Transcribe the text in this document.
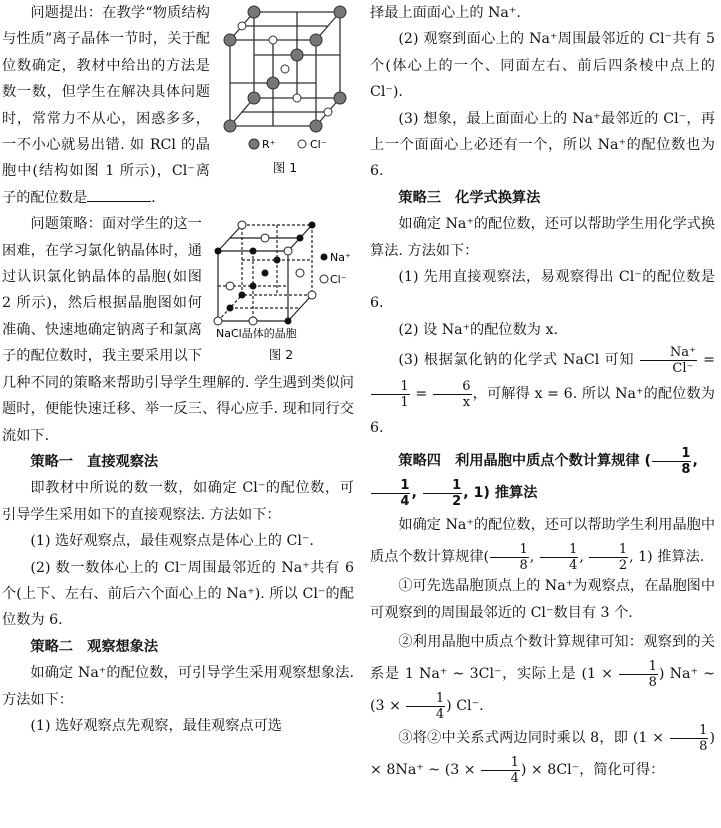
R⁺	Cl⁻
图 1

问题提出：在教学“物质结构与性质”离子晶体一节时，关于配位数确定，教材中给出的方法是数一数，但学生在解决具体问题时，常常力不从心，困惑多多，一不小心就易出错. 如 RCl 的晶胞中(结构如图 1 所示)，Cl⁻离子的配位数是	.

Na⁺
Cl⁻
NaCl晶体的晶胞
图 2

问题策略：面对学生的这一困难，在学习氯化钠晶体时，通过认识氯化钠晶体的晶胞(如图 2 所示)，然后根据晶胞图如何准确、快速地确定钠离子和氯离子的配位数时，我主要采用以下几种不同的策略来帮助引导学生理解的. 学生遇到类似问题时，便能快速迁移、举一反三、得心应手. 现和同行交流如下.

策略一　直接观察法

即教材中所说的数一数，如确定 Cl⁻的配位数，可引导学生采用如下的直接观察法. 方法如下：

(1) 选好观察点，最佳观察点是体心上的 Cl⁻.

(2) 数一数体心上的 Cl⁻周围最邻近的 Na⁺共有 6 个(上下、左右、前后六个面心上的 Na⁺). 所以 Cl⁻的配位数为 6.

策略二　观察想象法

如确定 Na⁺的配位数，可引导学生采用观察想象法. 方法如下：

(1) 选好观察点先观察，最佳观察点可选

择最上面面心上的 Na⁺.

(2) 观察到面心上的 Na⁺周围最邻近的 Cl⁻共有 5 个(体心上的一个、同面左右、前后四条棱中点上的 Cl⁻).

(3) 想象，最上面面心上的 Na⁺最邻近的 Cl⁻，再上一个面面心上必还有一个，所以 Na⁺的配位数也为 6.

策略三　化学式换算法

如确定 Na⁺的配位数，还可以帮助学生用化学式换算法. 方法如下：

(1) 先用直接观察法，易观察得出 Cl⁻的配位数是 6.

(2) 设 Na⁺的配位数为 x.

(3) 根据氯化钠的化学式 NaCl 可知 $\frac{Na^+}{Cl^-}$ =
$\frac{1}{1} = \frac{6}{x}$ ，可解得 x = 6. 所以 Na⁺的配位数为 6.

策略四　利用晶胞中质点个数计算规律 ( $\frac{1}{8}$ ,
$\frac{1}{4}$ , $\frac{1}{2}$ , 1) 推算法

如确定 Na⁺的配位数，还可以帮助学生利用晶胞中质点个数计算规律( $\frac{1}{8}$ , $\frac{1}{4}$ , $\frac{1}{2}$ , 1) 推算法.

①可先选晶胞顶点上的 Na⁺为观察点，在晶胞图中可观察到的周围最邻近的 Cl⁻数目有 3 个.

②利用晶胞中质点个数计算规律可知：观察到的关系是 1 Na⁺ ~ 3Cl⁻，实际上是 ($1 \times \frac{1}{8}$ ) Na⁺ ~ ($3 \times \frac{1}{4}$ ) Cl⁻.

③将②中关系式两边同时乘以 8，即 ($1 \times \frac{1}{8}$ ) × 8Na⁺ ~ ($3 \times \frac{1}{4}$ ) × 8Cl⁻，简化可得：
